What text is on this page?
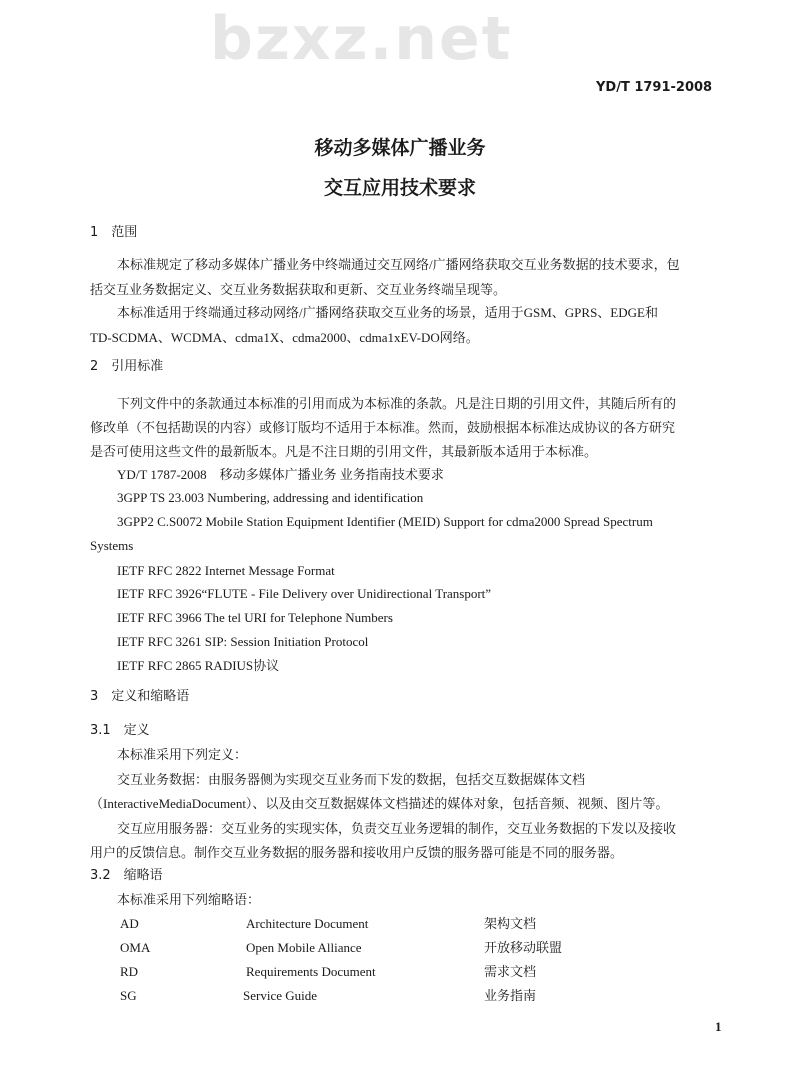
bzxz.net
YD/T 1791-2008
移动多媒体广播业务
交互应用技术要求
1　范围
本标准规定了移动多媒体广播业务中终端通过交互网络/广播网络获取交互业务数据的技术要求，包
括交互业务数据定义、交互业务数据获取和更新、交互业务终端呈现等。
本标准适用于终端通过移动网络/广播网络获取交互业务的场景，适用于GSM、GPRS、EDGE和
TD-SCDMA、WCDMA、cdma1X、cdma2000、cdma1xEV-DO网络。
2　引用标准
下列文件中的条款通过本标准的引用而成为本标准的条款。凡是注日期的引用文件，其随后所有的
修改单（不包括勘误的内容）或修订版均不适用于本标准。然而，鼓励根据本标准达成协议的各方研究
是否可使用这些文件的最新版本。凡是不注日期的引用文件，其最新版本适用于本标准。
YD/T 1787-2008　移动多媒体广播业务 业务指南技术要求
3GPP TS 23.003 Numbering, addressing and identification
3GPP2 C.S0072 Mobile Station Equipment Identifier (MEID) Support for cdma2000 Spread Spectrum
Systems
IETF RFC 2822 Internet Message Format
IETF RFC 3926“FLUTE - File Delivery over Unidirectional Transport”
IETF RFC 3966 The tel URI for Telephone Numbers
IETF RFC 3261 SIP: Session Initiation Protocol
IETF RFC 2865 RADIUS协议
3　定义和缩略语
3.1　定义
本标准采用下列定义：
交互业务数据：由服务器侧为实现交互业务而下发的数据，包括交互数据媒体文档
（InteractiveMediaDocument）、以及由交互数据媒体文档描述的媒体对象，包括音频、视频、图片等。
交互应用服务器：交互业务的实现实体，负责交互业务逻辑的制作，交互业务数据的下发以及接收
用户的反馈信息。制作交互业务数据的服务器和接收用户反馈的服务器可能是不同的服务器。
3.2　缩略语
本标准采用下列缩略语：
AD	Architecture Document	架构文档
OMA	Open Mobile Alliance	开放移动联盟
RD	Requirements Document	需求文档
SG	Service Guide	业务指南
1
